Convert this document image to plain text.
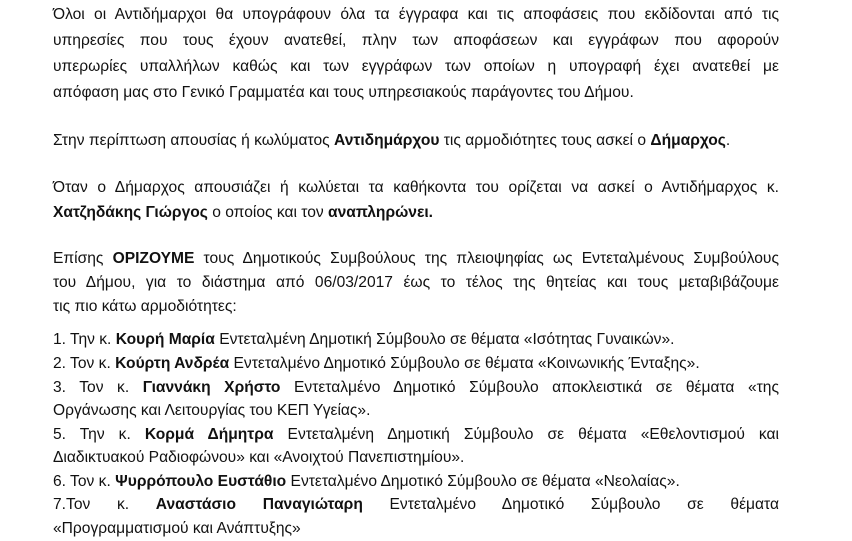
Όλοι οι Αντιδήμαρχοι θα υπογράφουν όλα τα έγγραφα και τις αποφάσεις που εκδίδονται από τις
υπηρεσίες που τους έχουν ανατεθεί, πλην των αποφάσεων και εγγράφων που αφορούν
υπερωρίες υπαλλήλων καθώς και των εγγράφων των οποίων η υπογραφή έχει ανατεθεί με
απόφαση μας στο Γενικό Γραμματέα και τους υπηρεσιακούς παράγοντες του Δήμου.
Στην περίπτωση απουσίας ή κωλύματος Αντιδημάρχου τις αρμοδιότητες τους ασκεί ο Δήμαρχος.
Όταν ο Δήμαρχος απουσιάζει ή κωλύεται τα καθήκοντα του ορίζεται να ασκεί ο Αντιδήμαρχος κ.
Χατζηδάκης Γιώργος ο οποίος και τον αναπληρώνει.
Επίσης ΟΡΙΖΟΥΜΕ τους Δημοτικούς Συμβούλους της πλειοψηφίας ως Εντεταλμένους Συμβούλους
του Δήμου, για το διάστημα από 06/03/2017 έως το τέλος της θητείας και τους μεταβιβάζουμε
τις πιο κάτω αρμοδιότητες:
1. Την κ. Κουρή Μαρία Εντεταλμένη Δημοτική Σύμβουλο σε θέματα «Ισότητας Γυναικών».
2. Τον κ. Κούρτη Ανδρέα Εντεταλμένο Δημοτικό Σύμβουλο σε θέματα «Κοινωνικής Ένταξης».
3. Τον κ. Γιαννάκη Χρήστο Εντεταλμένο Δημοτικό Σύμβουλο αποκλειστικά σε θέματα «της
Οργάνωσης και Λειτουργίας του ΚΕΠ Υγείας».
5. Την κ. Κορμά Δήμητρα Εντεταλμένη Δημοτική Σύμβουλο σε θέματα «Εθελοντισμού και
Διαδικτυακού Ραδιοφώνου» και «Ανοιχτού Πανεπιστημίου».
6. Τον κ. Ψυρρόπουλο Ευστάθιο Εντεταλμένο Δημοτικό Σύμβουλο σε θέματα «Νεολαίας».
7.Τον κ. Αναστάσιο Παναγιώταρη Εντεταλμένο Δημοτικό Σύμβουλο σε θέματα
«Προγραμματισμού και Ανάπτυξης»
